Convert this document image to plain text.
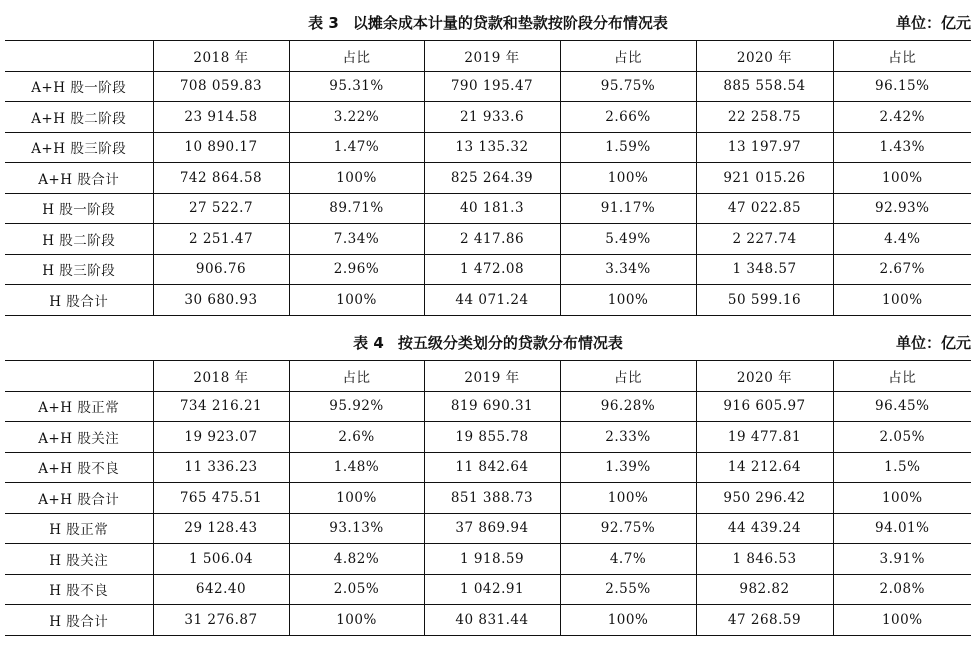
表 3 以摊余成本计量的贷款和垫款按阶段分布情况表	单位：亿元
	2018 年	占比	2019 年	占比	2020 年	占比
A+H 股一阶段	708 059.83	95.31%	790 195.47	95.75%	885 558.54	96.15%
A+H 股二阶段	23 914.58	3.22%	21 933.6	2.66%	22 258.75	2.42%
A+H 股三阶段	10 890.17	1.47%	13 135.32	1.59%	13 197.97	1.43%
A+H 股合计	742 864.58	100%	825 264.39	100%	921 015.26	100%
H 股一阶段	27 522.7	89.71%	40 181.3	91.17%	47 022.85	92.93%
H 股二阶段	2 251.47	7.34%	2 417.86	5.49%	2 227.74	4.4%
H 股三阶段	906.76	2.96%	1 472.08	3.34%	1 348.57	2.67%
H 股合计	30 680.93	100%	44 071.24	100%	50 599.16	100%
表 4 按五级分类划分的贷款分布情况表	单位：亿元
	2018 年	占比	2019 年	占比	2020 年	占比
A+H 股正常	734 216.21	95.92%	819 690.31	96.28%	916 605.97	96.45%
A+H 股关注	19 923.07	2.6%	19 855.78	2.33%	19 477.81	2.05%
A+H 股不良	11 336.23	1.48%	11 842.64	1.39%	14 212.64	1.5%
A+H 股合计	765 475.51	100%	851 388.73	100%	950 296.42	100%
H 股正常	29 128.43	93.13%	37 869.94	92.75%	44 439.24	94.01%
H 股关注	1 506.04	4.82%	1 918.59	4.7%	1 846.53	3.91%
H 股不良	642.40	2.05%	1 042.91	2.55%	982.82	2.08%
H 股合计	31 276.87	100%	40 831.44	100%	47 268.59	100%
